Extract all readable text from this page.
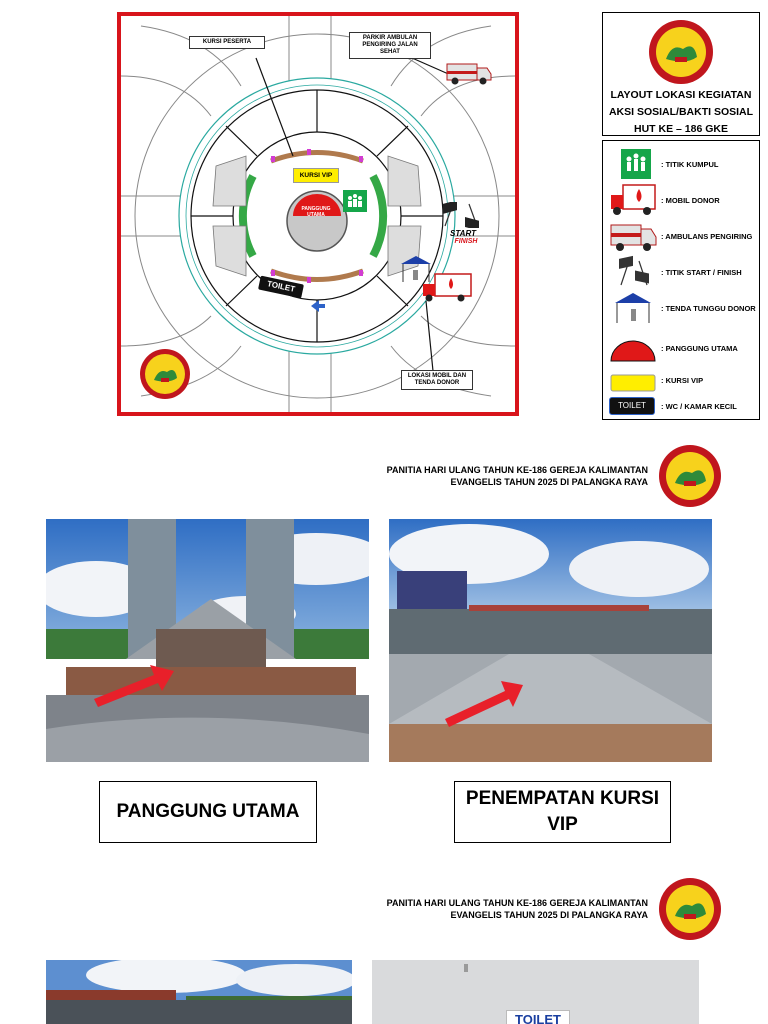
KURSI PESERTA
PARKIR AMBULAN PENGIRING JALAN SEHAT
LOKASI MOBIL DAN TENDA DONOR
KURSI VIP
PANGGUNG UTAMA
TOILET
START
FINISH
LAYOUT LOKASI KEGIATAN
AKSI SOSIAL/BAKTI SOSIAL
HUT KE – 186 GKE
: TITIK KUMPUL
: MOBIL DONOR
: AMBULANS PENGIRING
: TITIK START / FINISH
: TENDA TUNGGU DONOR
: PANGGUNG UTAMA
: KURSI VIP
TOILET	: WC / KAMAR KECIL
PANITIA HARI ULANG TAHUN KE-186 GEREJA KALIMANTAN
EVANGELIS TAHUN 2025 DI PALANGKA RAYA
PANGGUNG UTAMA
PENEMPATAN KURSI
VIP
PANITIA HARI ULANG TAHUN KE-186 GEREJA KALIMANTAN
EVANGELIS TAHUN 2025 DI PALANGKA RAYA
TOILET
